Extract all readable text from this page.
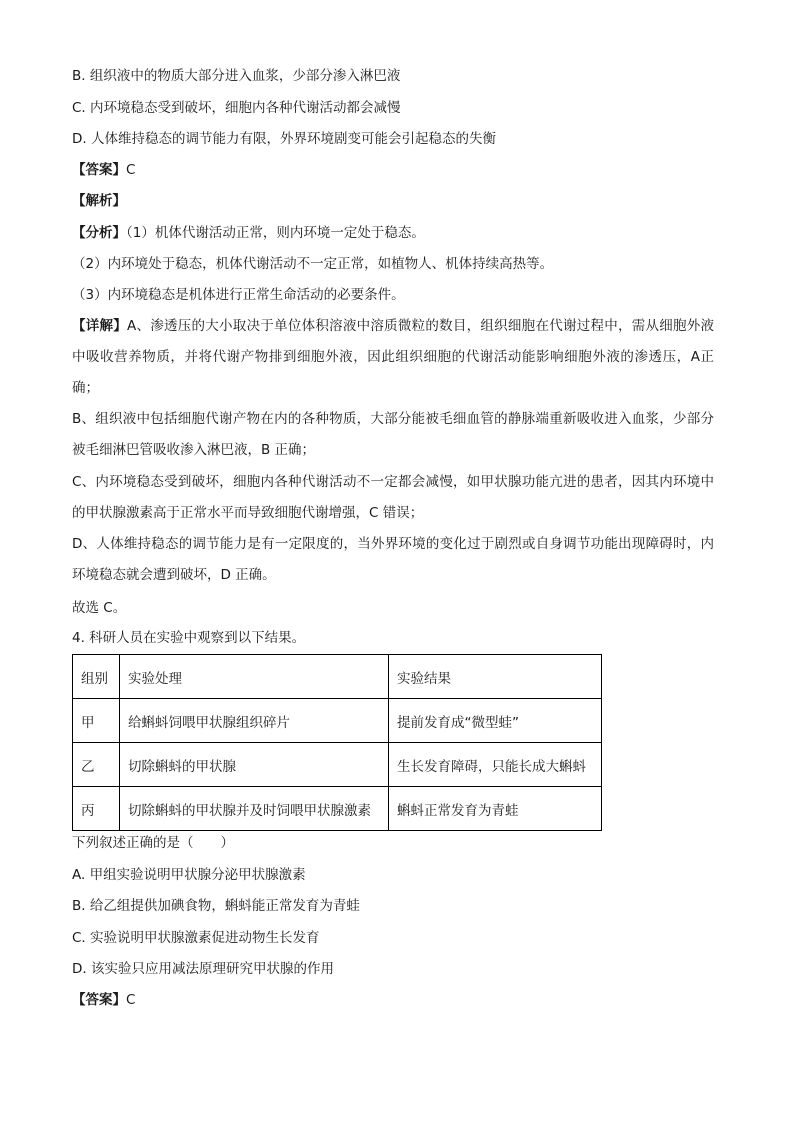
B. 组织液中的物质大部分进入血浆，少部分渗入淋巴液
C. 内环境稳态受到破坏，细胞内各种代谢活动都会减慢
D. 人体维持稳态的调节能力有限，外界环境剧变可能会引起稳态的失衡
【答案】C
【解析】
【分析】（1）机体代谢活动正常，则内环境一定处于稳态。
（2）内环境处于稳态，机体代谢活动不一定正常，如植物人、机体持续高热等。
（3）内环境稳态是机体进行正常生命活动的必要条件。
【详解】A、渗透压的大小取决于单位体积溶液中溶质微粒的数目，组织细胞在代谢过程中，需从细胞外液中吸收营养物质，并将代谢产物排到细胞外液，因此组织细胞的代谢活动能影响细胞外液的渗透压，A正确；
B、组织液中包括细胞代谢产物在内的各种物质，大部分能被毛细血管的静脉端重新吸收进入血浆，少部分被毛细淋巴管吸收渗入淋巴液，B 正确；
C、内环境稳态受到破坏，细胞内各种代谢活动不一定都会减慢，如甲状腺功能亢进的患者，因其内环境中的甲状腺激素高于正常水平而导致细胞代谢增强，C 错误；
D、人体维持稳态的调节能力是有一定限度的，当外界环境的变化过于剧烈或自身调节功能出现障碍时，内环境稳态就会遭到破坏，D 正确。
故选 C。
4. 科研人员在实验中观察到以下结果。
组别	实验处理	实验结果
甲	给蝌蚪饲喂甲状腺组织碎片	提前发育成“微型蛙”
乙	切除蝌蚪的甲状腺	生长发育障碍，只能长成大蝌蚪
丙	切除蝌蚪的甲状腺并及时饲喂甲状腺激素	蝌蚪正常发育为青蛙
下列叙述正确的是（　　）
A. 甲组实验说明甲状腺分泌甲状腺激素
B. 给乙组提供加碘食物，蝌蚪能正常发育为青蛙
C. 实验说明甲状腺激素促进动物生长发育
D. 该实验只应用减法原理研究甲状腺的作用
【答案】C
